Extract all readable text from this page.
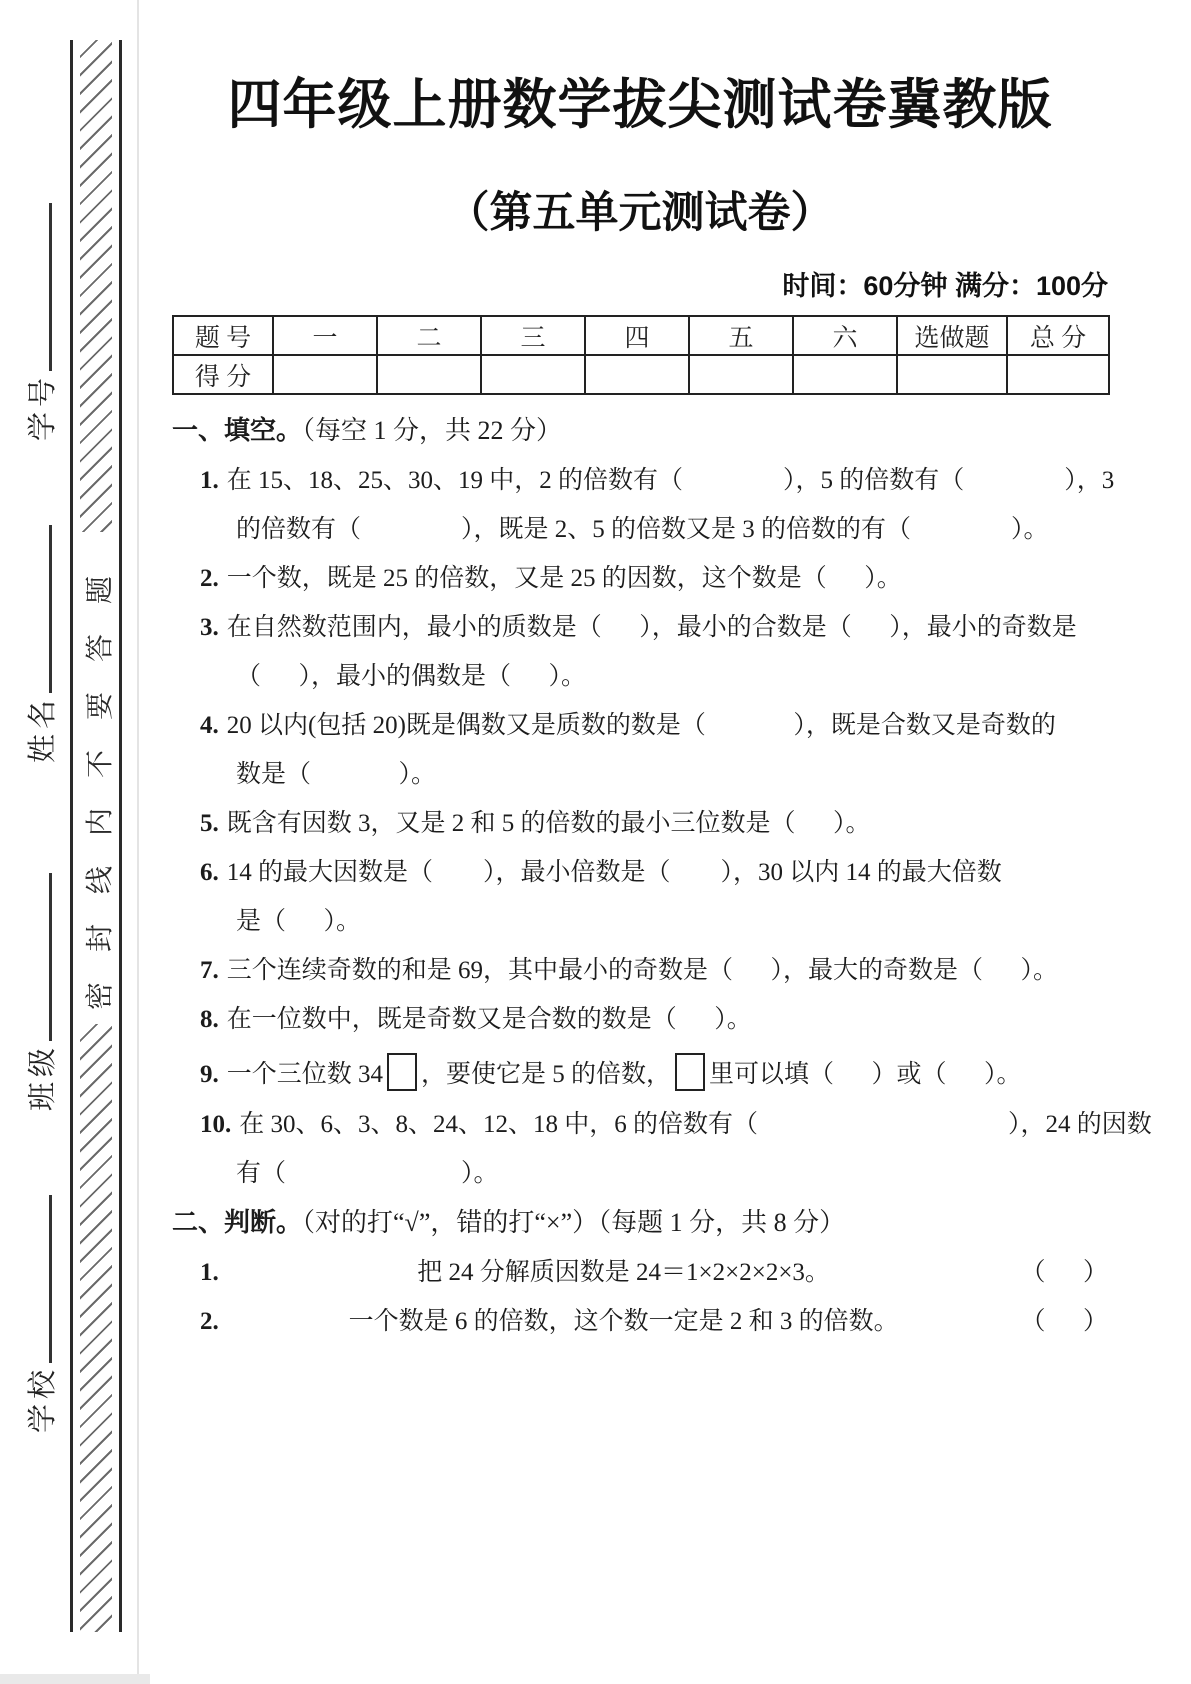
密封线内不要答题
学号
姓名
班级
学校
四年级上册数学拔尖测试卷冀教版
（第五单元测试卷）
时间：60分钟 满分：100分
题 号	一	二	三	四	五	六	选做题	总 分
得 分								
一、填空。（每空 1 分，共 22 分）
1. 在 15、18、25、30、19 中，2 的倍数有（                ），5 的倍数有（                ），3
的倍数有（                ），既是 2、5 的倍数又是 3 的倍数的有（                ）。
2. 一个数，既是 25 的倍数，又是 25 的因数，这个数是（      ）。
3. 在自然数范围内，最小的质数是（      ），最小的合数是（      ），最小的奇数是
（      ），最小的偶数是（      ）。
4. 20 以内(包括 20)既是偶数又是质数的数是（              ），既是合数又是奇数的
数是（              ）。
5. 既含有因数 3，又是 2 和 5 的倍数的最小三位数是（      ）。
6. 14 的最大因数是（        ），最小倍数是（        ），30 以内 14 的最大倍数
是（      ）。
7. 三个连续奇数的和是 69，其中最小的奇数是（      ），最大的奇数是（      ）。
8. 在一位数中，既是奇数又是合数的数是（      ）。
9. 一个三位数 34 ，要使它是 5 的倍数， 里可以填（      ）或（      ）。
10. 在 30、6、3、8、24、12、18 中，6 的倍数有（                                        ），24 的因数
有（                            ）。
二、判断。（对的打“√”，错的打“×”）（每题 1 分，共 8 分）
1.	把 24 分解质因数是 24＝1×2×2×2×3。	（      ）
2.	一个数是 6 的倍数，这个数一定是 2 和 3 的倍数。	（      ）
